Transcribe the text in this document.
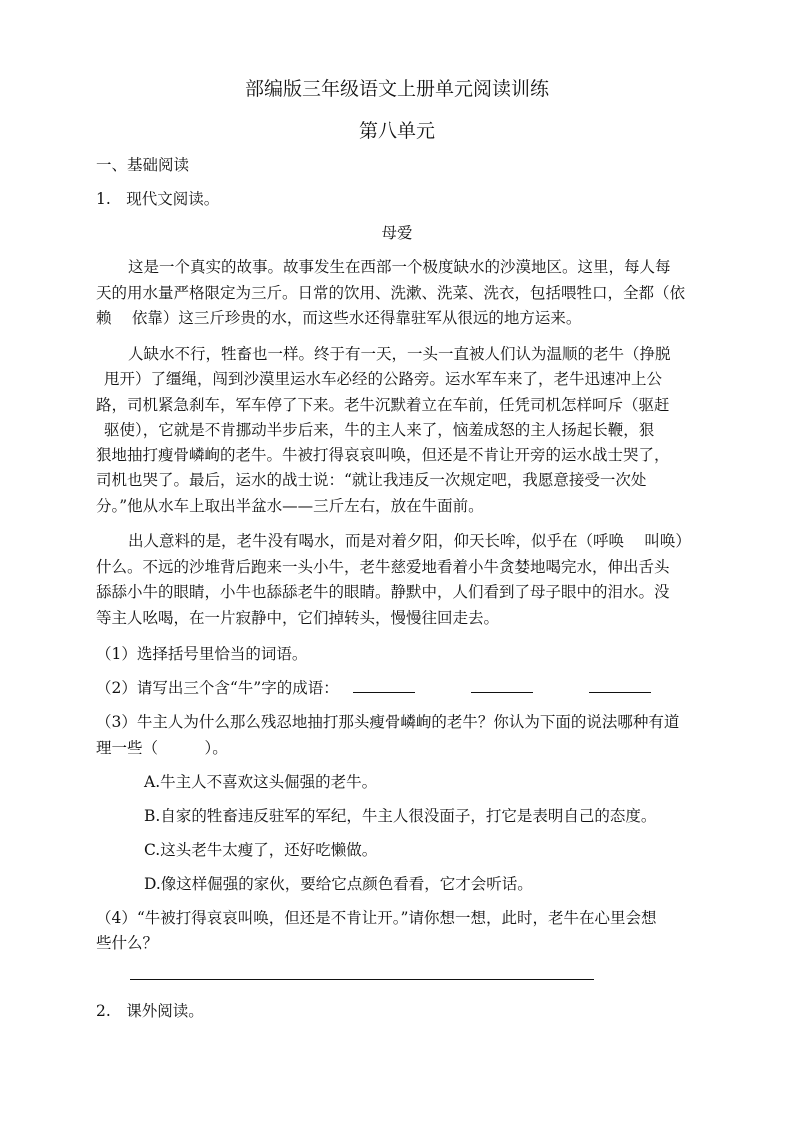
部编版三年级语文上册单元阅读训练
第八单元
一、基础阅读
1.　现代文阅读。
母爱
这是一个真实的故事。故事发生在西部一个极度缺水的沙漠地区。这里，每人每
天的用水量严格限定为三斤。日常的饮用、洗漱、洗菜、洗衣，包括喂牲口，全都（依
赖　 依靠）这三斤珍贵的水，而这些水还得靠驻军从很远的地方运来。
人缺水不行，牲畜也一样。终于有一天，一头一直被人们认为温顺的老牛（挣脱
甩开）了缰绳，闯到沙漠里运水车必经的公路旁。运水军车来了，老牛迅速冲上公
路，司机紧急刹车，军车停了下来。老牛沉默着立在车前，任凭司机怎样呵斥（驱赶
驱使），它就是不肯挪动半步后来，牛的主人来了，恼羞成怒的主人扬起长鞭，狠
狠地抽打瘦骨嶙峋的老牛。牛被打得哀哀叫唤，但还是不肯让开旁的运水战士哭了，
司机也哭了。最后，运水的战士说：“就让我违反一次规定吧，我愿意接受一次处
分。”他从水车上取出半盆水——三斤左右，放在牛面前。
出人意料的是，老牛没有喝水，而是对着夕阳，仰天长哞，似乎在（呼唤　 叫唤）
什么。不远的沙堆背后跑来一头小牛，老牛慈爱地看着小牛贪婪地喝完水，伸出舌头
舔舔小牛的眼睛，小牛也舔舔老牛的眼睛。静默中，人们看到了母子眼中的泪水。没
等主人吆喝，在一片寂静中，它们掉转头，慢慢往回走去。
（1）选择括号里恰当的词语。
（2）请写出三个含“牛”字的成语：
（3）牛主人为什么那么残忍地抽打那头瘦骨嶙峋的老牛？你认为下面的说法哪种有道
理一些（　　　）。
A.牛主人不喜欢这头倔强的老牛。
B.自家的牲畜违反驻军的军纪，牛主人很没面子，打它是表明自己的态度。
C.这头老牛太瘦了，还好吃懒做。
D.像这样倔强的家伙，要给它点颜色看看，它才会听话。
（4）“牛被打得哀哀叫唤，但还是不肯让开。”请你想一想，此时，老牛在心里会想
些什么？
2.　课外阅读。
